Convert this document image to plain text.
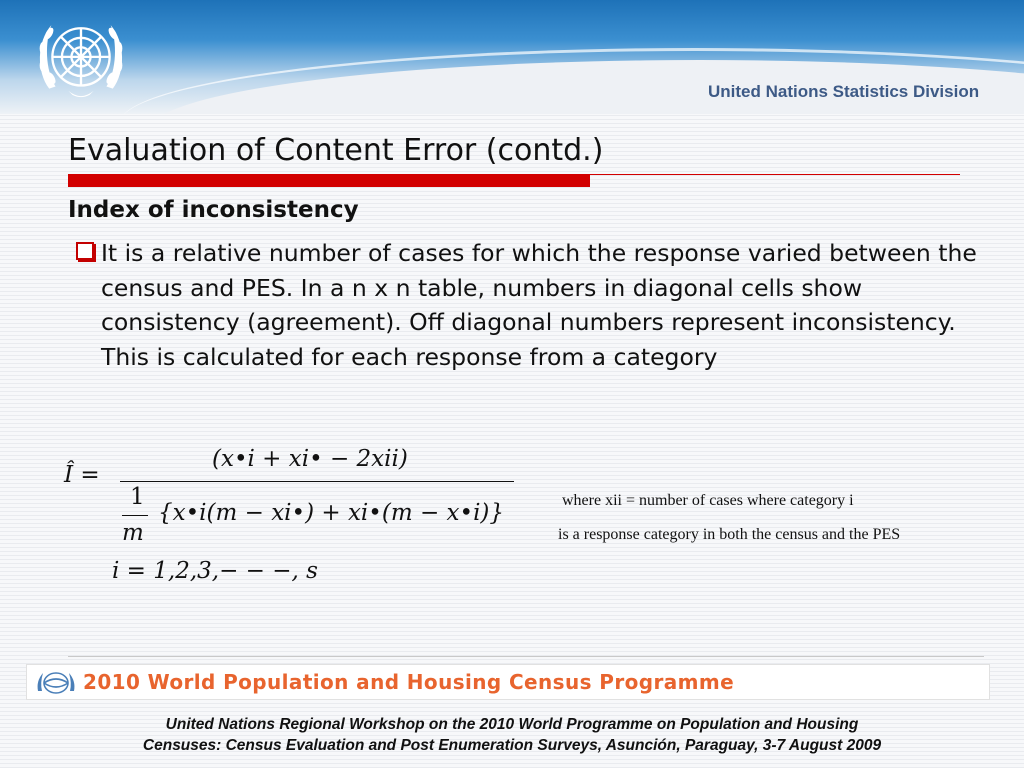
United Nations Statistics Division
Evaluation of Content Error (contd.)
Index of inconsistency
It is a relative number of cases for which the response varied between the census and PES. In a n x n table, numbers in diagonal cells show consistency (agreement). Off diagonal numbers represent inconsistency. This is calculated for each response from a category
Î =
(x•i + xi• − 2xii)
1
m
{x•i(m − xi•) + xi•(m − x•i)}
i = 1,2,3,− − −, s
where xii = number of cases where category i
is a response category in both the census and the PES
2010 World Population and Housing Census Programme
United Nations Regional Workshop on the 2010 World Programme on Population and Housing
Censuses: Census Evaluation and Post Enumeration Surveys, Asunción, Paraguay, 3-7 August 2009
